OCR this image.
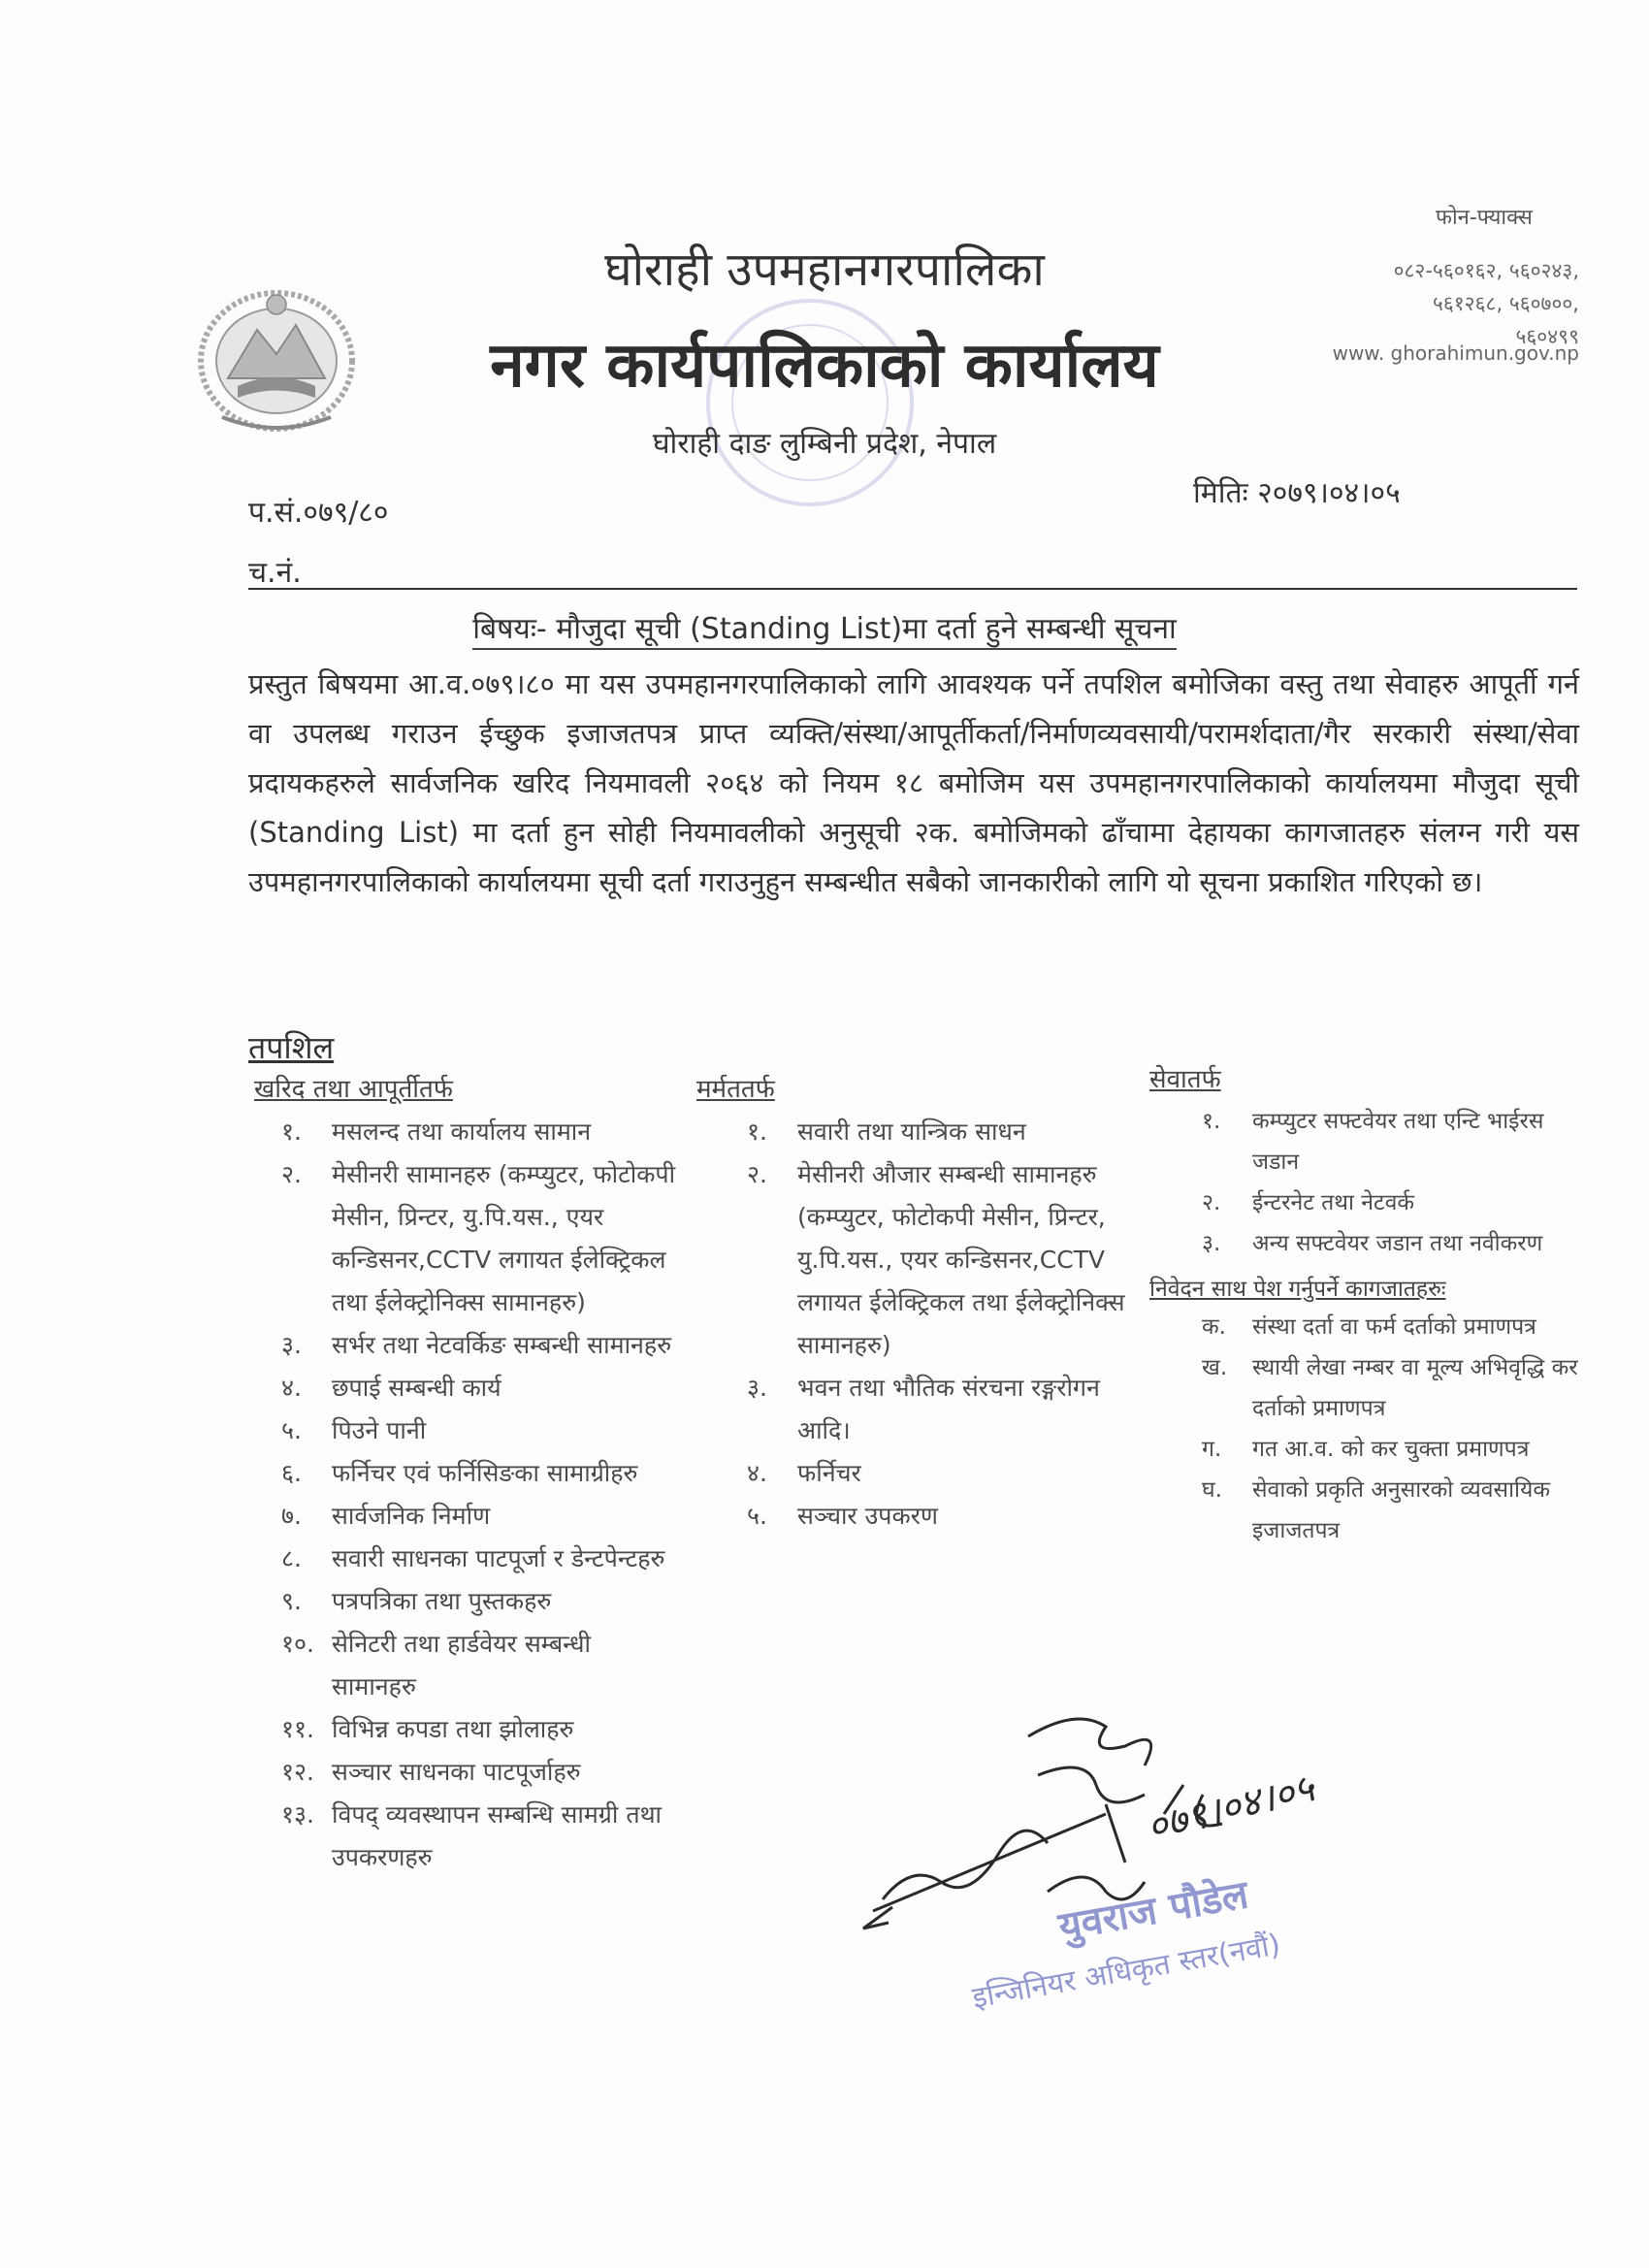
घोराही उपमहानगरपालिका
नगर कार्यपालिकाको कार्यालय
घोराही दाङ लुम्बिनी प्रदेश, नेपाल
फोन-फ्याक्स
०८२-५६०१६२, ५६०२४३,
५६१२६८, ५६०७००,
५६०४९९
www. ghorahimun.gov.np
प.सं.०७९/८०
मितिः २०७९।०४।०५
च.नं.
बिषयः- मौजुदा सूची (Standing List)मा दर्ता हुने सम्बन्धी सूचना
प्रस्तुत बिषयमा आ.व.०७९।८० मा यस उपमहानगरपालिकाको लागि आवश्यक पर्ने तपशिल बमोजिका वस्तु तथा सेवाहरु आपूर्ती गर्न वा उपलब्ध गराउन ईच्छुक इजाजतपत्र प्राप्त व्यक्ति/संस्था/आपूर्तीकर्ता/निर्माणव्यवसायी/परामर्शदाता/गैर सरकारी संस्था/सेवा प्रदायकहरुले सार्वजनिक खरिद नियमावली २०६४ को नियम १८ बमोजिम यस उपमहानगरपालिकाको कार्यालयमा मौजुदा सूची (Standing List) मा दर्ता हुन सोही नियमावलीको अनुसूची २क. बमोजिमको ढाँचामा देहायका कागजातहरु संलग्न गरी यस उपमहानगरपालिकाको कार्यालयमा सूची दर्ता गराउनुहुन सम्बन्धीत सबैको जानकारीको लागि यो सूचना प्रकाशित गरिएको छ।
तपशिल
खरिद तथा आपूर्तीतर्फ
१.	मसलन्द तथा कार्यालय सामान
२.	मेसीनरी सामानहरु (कम्प्युटर, फोटोकपी मेसीन, प्रिन्टर, यु.पि.यस., एयर कन्डिसनर,CCTV लगायत ईलेक्ट्रिकल तथा ईलेक्ट्रोनिक्स सामानहरु)
३.	सर्भर तथा नेटवर्किङ सम्बन्धी सामानहरु
४.	छपाई सम्बन्धी कार्य
५.	पिउने पानी
६.	फर्निचर एवं फर्निसिङका सामाग्रीहरु
७.	सार्वजनिक निर्माण
८.	सवारी साधनका पाटपूर्जा र डेन्टपेन्टहरु
९.	पत्रपत्रिका तथा पुस्तकहरु
१०. सेनिटरी तथा हार्डवेयर सम्बन्धी सामानहरु
११. विभिन्न कपडा तथा झोलाहरु
१२. सञ्चार साधनका पाटपूर्जाहरु
१३. विपद् व्यवस्थापन सम्बन्धि सामग्री तथा उपकरणहरु
मर्मततर्फ
१.	सवारी तथा यान्त्रिक साधन
२.	मेसीनरी औजार सम्बन्धी सामानहरु (कम्प्युटर, फोटोकपी मेसीन, प्रिन्टर, यु.पि.यस., एयर कन्डिसनर,CCTV लगायत ईलेक्ट्रिकल तथा ईलेक्ट्रोनिक्स सामानहरु)
३.	भवन तथा भौतिक संरचना रङ्गरोगन आदि।
४.	फर्निचर
५.	सञ्चार उपकरण
सेवातर्फ
१.	कम्प्युटर सफ्टवेयर तथा एन्टि भाईरस जडान
२.	ईन्टरनेट तथा नेटवर्क
३.	अन्य सफ्टवेयर जडान तथा नवीकरण
निवेदन साथ पेश गर्नुपर्ने कागजातहरुः
क.	संस्था दर्ता वा फर्म दर्ताको प्रमाणपत्र
ख.	स्थायी लेखा नम्बर वा मूल्य अभिवृद्धि कर दर्ताको प्रमाणपत्र
ग.	गत आ.व. को कर चुक्ता प्रमाणपत्र
घ.	सेवाको प्रकृति अनुसारको व्यवसायिक इजाजतपत्र
०७९।०४।०५
युवराज पौडेल
इन्जिनियर अधिकृत स्तर(नवौं)
